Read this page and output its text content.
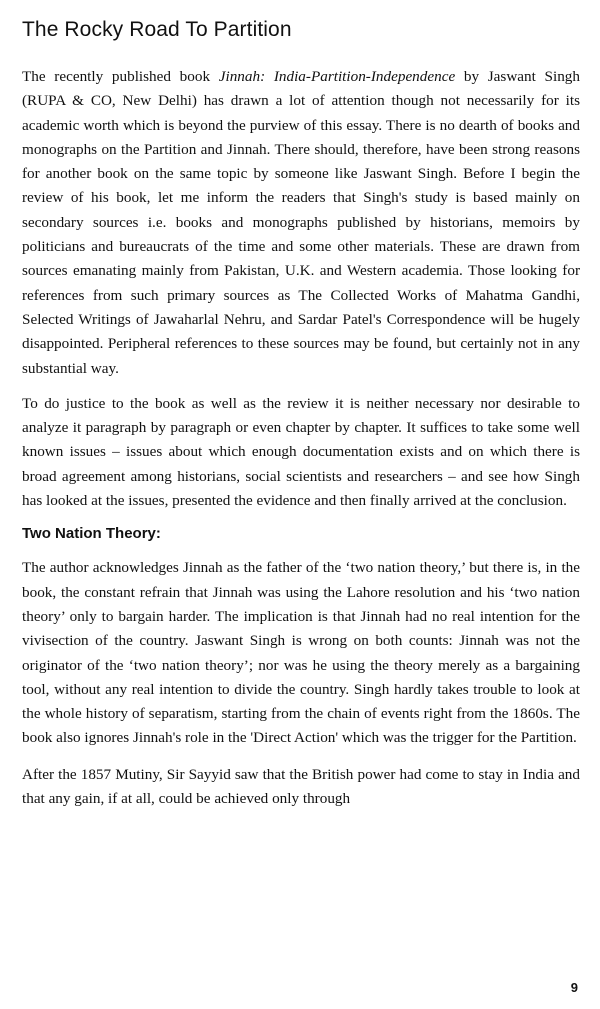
The Rocky Road To Partition

The recently published book Jinnah: India-Partition-Independence by Jaswant Singh (RUPA & CO, New Delhi) has drawn a lot of attention though not necessarily for its academic worth which is beyond the purview of this essay. There is no dearth of books and monographs on the Partition and Jinnah. There should, therefore, have been strong reasons for another book on the same topic by someone like Jaswant Singh. Before I begin the review of his book, let me inform the readers that Singh's study is based mainly on secondary sources i.e. books and monographs published by historians, memoirs by politicians and bureaucrats of the time and some other materials. These are drawn from sources emanating mainly from Pakistan, U.K. and Western academia. Those looking for references from such primary sources as The Collected Works of Mahatma Gandhi, Selected Writings of Jawaharlal Nehru, and Sardar Patel's Correspondence will be hugely disappointed. Peripheral references to these sources may be found, but certainly not in any substantial way.

To do justice to the book as well as the review it is neither necessary nor desirable to analyze it paragraph by paragraph or even chapter by chapter. It suffices to take some well known issues – issues about which enough documentation exists and on which there is broad agreement among historians, social scientists and researchers – and see how Singh has looked at the issues, presented the evidence and then finally arrived at the conclusion.

Two Nation Theory:

The author acknowledges Jinnah as the father of the ‘two nation theory,’ but there is, in the book, the constant refrain that Jinnah was using the Lahore resolution and his ‘two nation theory’ only to bargain harder. The implication is that Jinnah had no real intention for the vivisection of the country. Jaswant Singh is wrong on both counts: Jinnah was not the originator of the ‘two nation theory’; nor was he using the theory merely as a bargaining tool, without any real intention to divide the country. Singh hardly takes trouble to look at the whole history of separatism, starting from the chain of events right from the 1860s. The book also ignores Jinnah's role in the 'Direct Action' which was the trigger for the Partition.

After the 1857 Mutiny, Sir Sayyid saw that the British power had come to stay in India and that any gain, if at all, could be achieved only through

9
